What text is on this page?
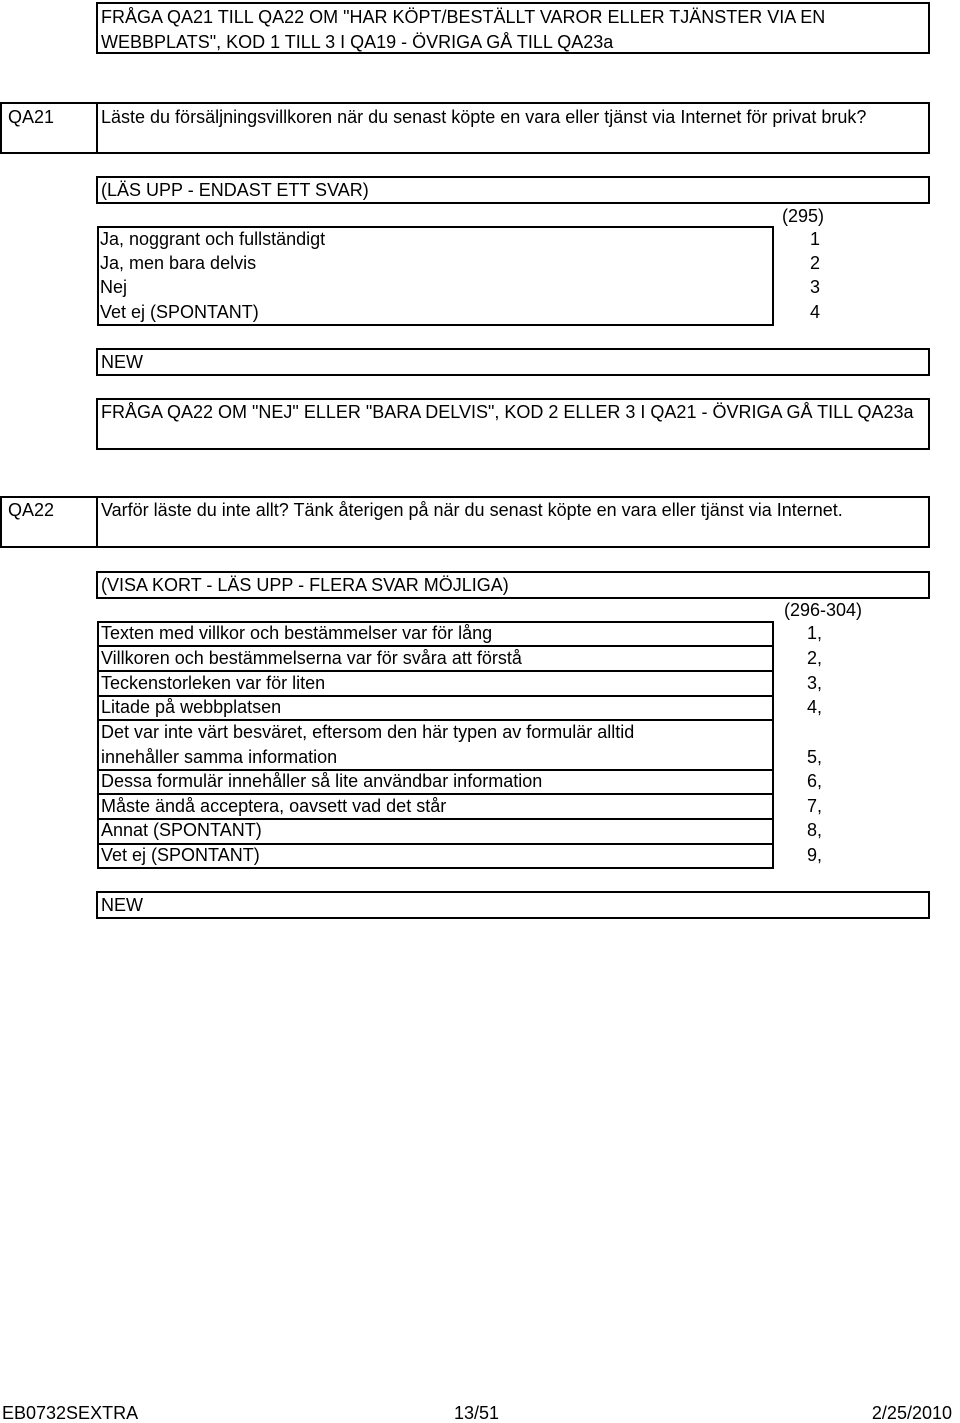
FRÅGA QA21 TILL QA22 OM "HAR KÖPT/BESTÄLLT VAROR ELLER TJÄNSTER VIA EN WEBBPLATS", KOD 1 TILL 3 I QA19 - ÖVRIGA GÅ TILL QA23a
QA21	Läste du försäljningsvillkoren när du senast köpte en vara eller tjänst via Internet för privat bruk?
(LÄS UPP - ENDAST ETT SVAR)
(295)
Ja, noggrant och fullständigt	1
Ja, men bara delvis	2
Nej	3
Vet ej (SPONTANT)	4
NEW
FRÅGA QA22 OM "NEJ" ELLER "BARA DELVIS", KOD 2 ELLER 3 I QA21 - ÖVRIGA GÅ TILL QA23a
QA22	Varför läste du inte allt? Tänk återigen på när du senast köpte en vara eller tjänst via Internet.
(VISA KORT - LÄS UPP - FLERA SVAR MÖJLIGA)
(296-304)
Texten med villkor och bestämmelser var för lång	1,
Villkoren och bestämmelserna var för svåra att förstå	2,
Teckenstorleken var för liten	3,
Litade på webbplatsen	4,
Det var inte värt besväret, eftersom den här typen av formulär alltid
innehåller samma information	5,
Dessa formulär innehåller så lite användbar information	6,
Måste ändå acceptera, oavsett vad det står	7,
Annat (SPONTANT)	8,
Vet ej (SPONTANT)	9,
NEW
EB0732SEXTRA	13/51	2/25/2010
